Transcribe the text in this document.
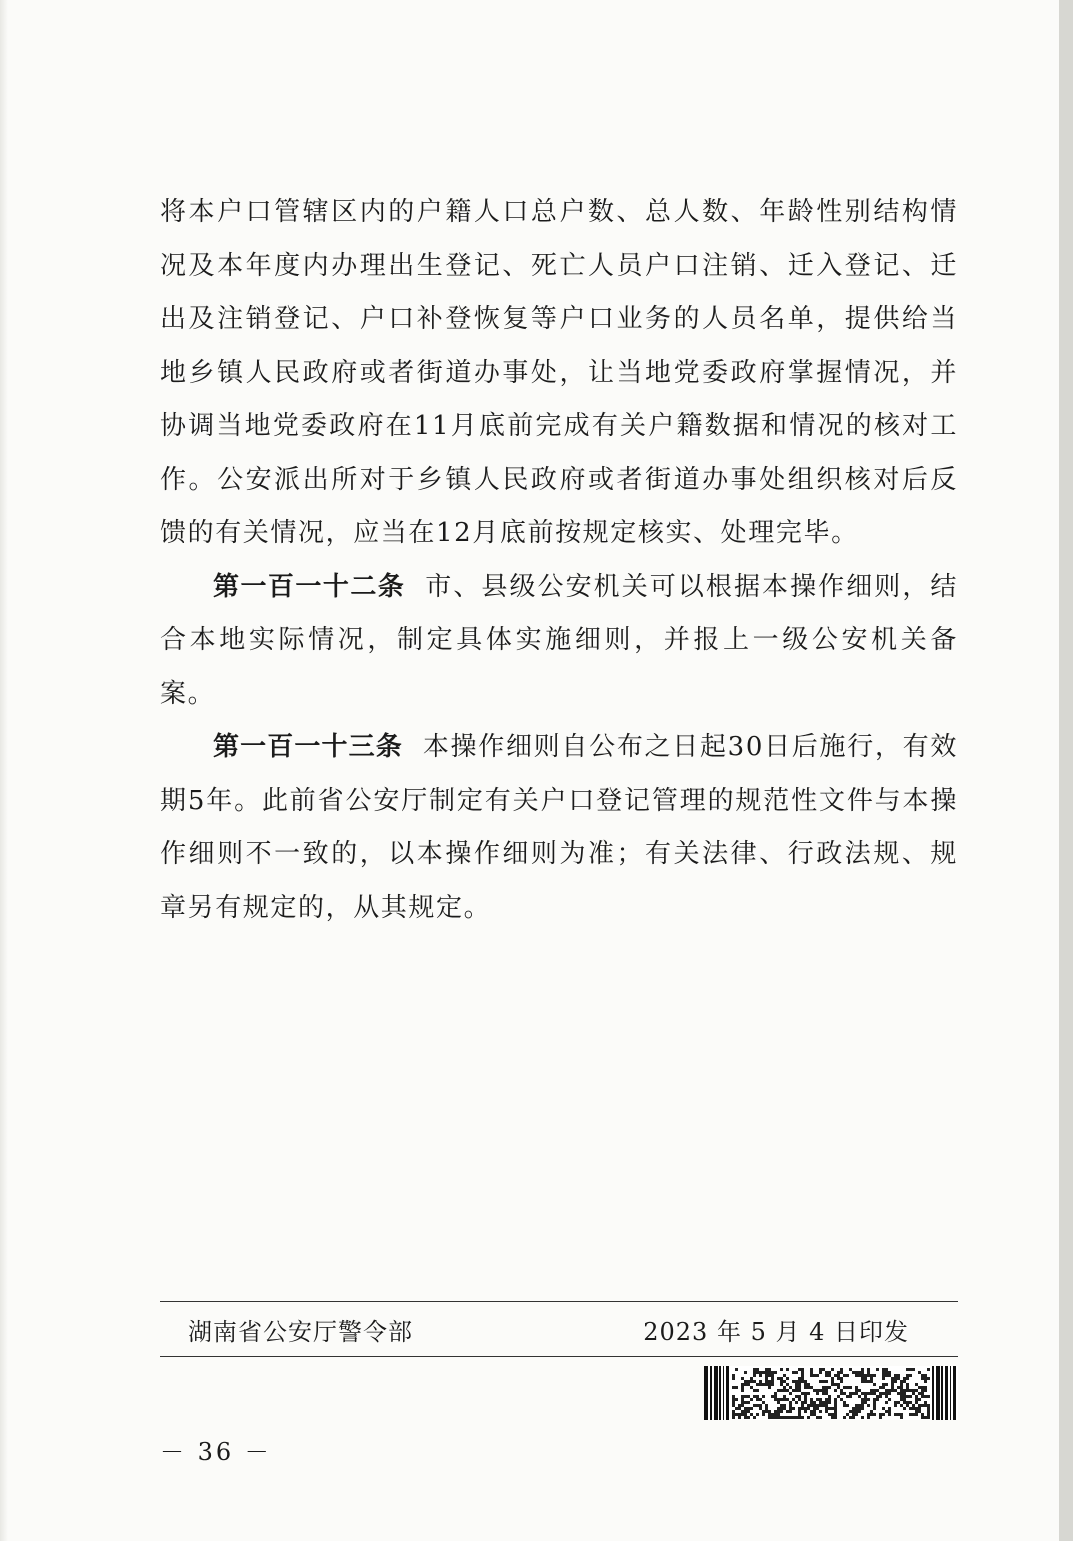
将本户口管辖区内的户籍人口总户数、总人数、年龄性别结构情况及本年度内办理出生登记、死亡人员户口注销、迁入登记、迁出及注销登记、户口补登恢复等户口业务的人员名单，提供给当地乡镇人民政府或者街道办事处，让当地党委政府掌握情况，并协调当地党委政府在11月底前完成有关户籍数据和情况的核对工作。公安派出所对于乡镇人民政府或者街道办事处组织核对后反馈的有关情况，应当在12月底前按规定核实、处理完毕。

第一百一十二条 市、县级公安机关可以根据本操作细则，结合本地实际情况，制定具体实施细则，并报上一级公安机关备案。

第一百一十三条 本操作细则自公布之日起30日后施行，有效期5年。此前省公安厅制定有关户口登记管理的规范性文件与本操作细则不一致的，以本操作细则为准；有关法律、行政法规、规章另有规定的，从其规定。

湖南省公安厅警令部	2023 年 5 月 4 日印发
－ 36 －
